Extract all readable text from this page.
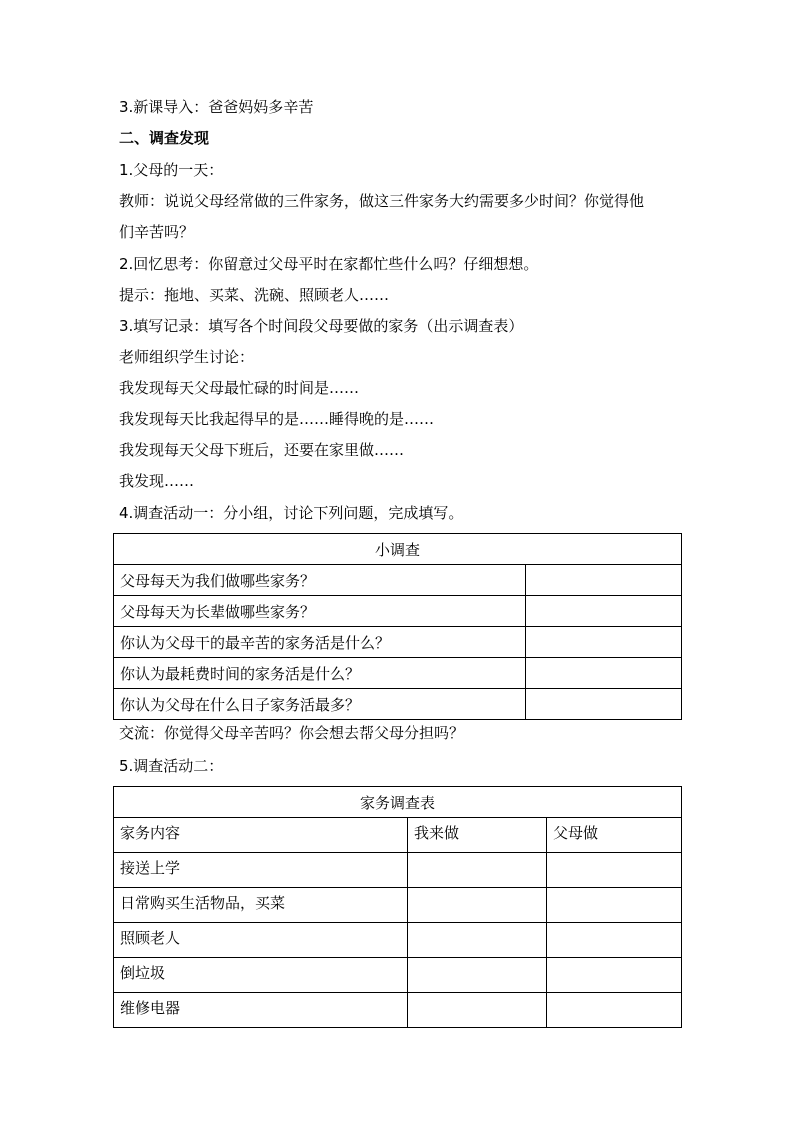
3.新课导入：爸爸妈妈多辛苦
二、调查发现
1.父母的一天：
教师：说说父母经常做的三件家务，做这三件家务大约需要多少时间？你觉得他
们辛苦吗？
2.回忆思考：你留意过父母平时在家都忙些什么吗？仔细想想。
提示：拖地、买菜、洗碗、照顾老人……
3.填写记录：填写各个时间段父母要做的家务（出示调查表）
老师组织学生讨论：
我发现每天父母最忙碌的时间是……
我发现每天比我起得早的是……睡得晚的是……
我发现每天父母下班后，还要在家里做……
我发现……
4.调查活动一：分小组，讨论下列问题，完成填写。
小调查	
父母每天为我们做哪些家务？	
父母每天为长辈做哪些家务？	
你认为父母干的最辛苦的家务活是什么？	
你认为最耗费时间的家务活是什么？	
你认为父母在什么日子家务活最多？	
交流：你觉得父母辛苦吗？你会想去帮父母分担吗？
5.调查活动二：
家务调查表		
家务内容	我来做	父母做
接送上学		
日常购买生活物品，买菜		
照顾老人		
倒垃圾		
维修电器		
